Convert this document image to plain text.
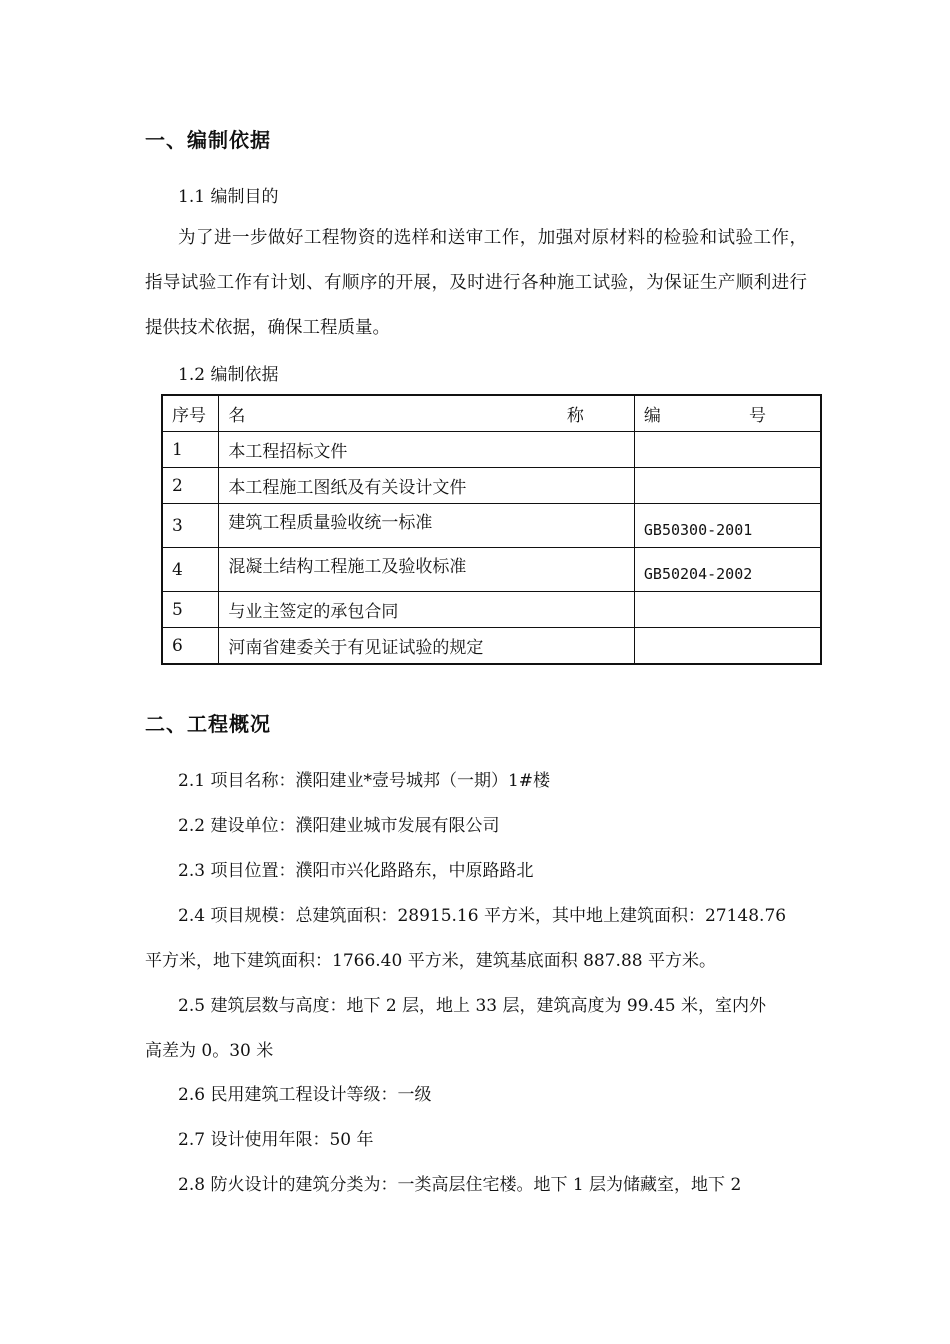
一、编制依据
1.1 编制目的
为了进一步做好工程物资的选样和送审工作，加强对原材料的检验和试验工作，指导试验工作有计划、有顺序的开展，及时进行各种施工试验，为保证生产顺利进行提供技术依据，确保工程质量。
1.2 编制依据
序号	名 称	编 号

1	本工程招标文件	
2	本工程施工图纸及有关设计文件	
3	建筑工程质量验收统一标准	GB50300-2001
4	混凝土结构工程施工及验收标准	GB50204-2002
5	与业主签定的承包合同	
6	河南省建委关于有见证试验的规定	
二、工程概况
2.1 项目名称：濮阳建业*壹号城邦（一期）1#楼
2.2 建设单位：濮阳建业城市发展有限公司
2.3 项目位置：濮阳市兴化路路东，中原路路北
2.4 项目规模：总建筑面积：28915.16 平方米，其中地上建筑面积：27148.76
平方米，地下建筑面积：1766.40 平方米，建筑基底面积 887.88 平方米。
2.5 建筑层数与高度：地下 2 层，地上 33 层，建筑高度为 99.45 米，室内外
高差为 0。30 米
2.6 民用建筑工程设计等级：一级
2.7 设计使用年限：50 年
2.8 防火设计的建筑分类为：一类高层住宅楼。地下 1 层为储藏室，地下 2
